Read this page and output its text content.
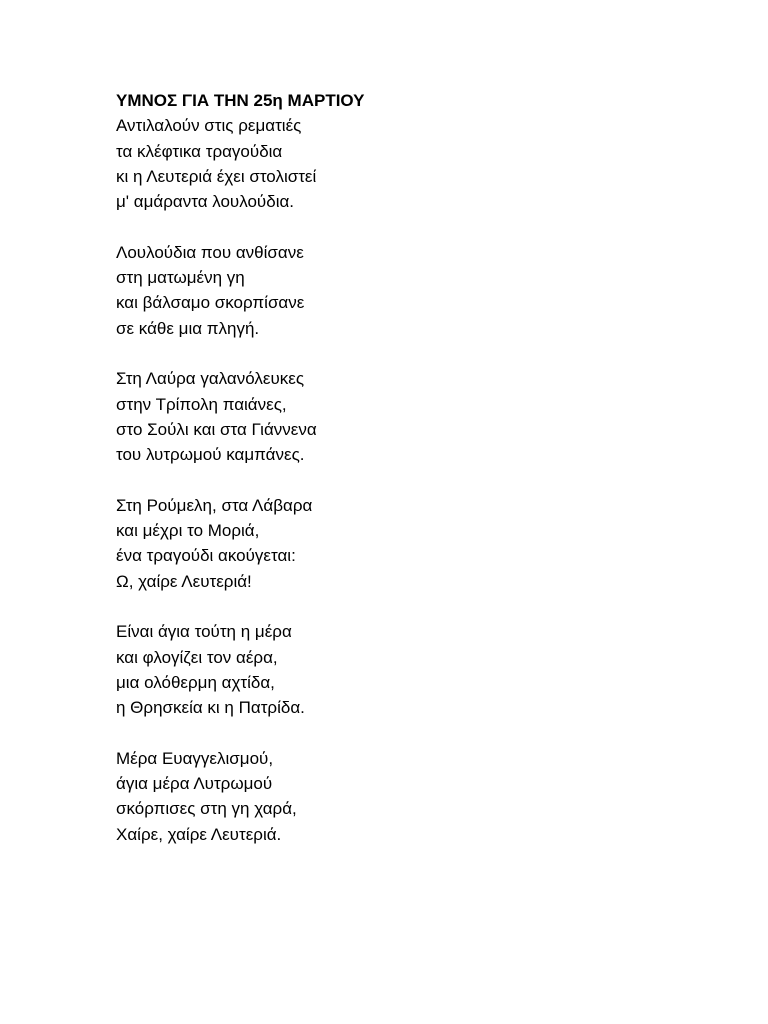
ΥΜΝΟΣ ΓΙΑ ΤΗΝ 25η ΜΑΡΤΙΟΥ
Αντιλαλούν στις ρεματιές
τα κλέφτικα τραγούδια
κι η Λευτεριά έχει στολιστεί
μ' αμάραντα λουλούδια.
Λουλούδια που ανθίσανε
στη ματωμένη γη
και βάλσαμο σκορπίσανε
σε κάθε μια πληγή.
Στη Λαύρα γαλανόλευκες
στην Τρίπολη παιάνες,
στο Σούλι και στα Γιάννενα
του λυτρωμού καμπάνες.
Στη Ρούμελη, στα Λάβαρα
και μέχρι το Μοριά,
ένα τραγούδι ακούγεται:
Ω, χαίρε Λευτεριά!
Είναι άγια τούτη η μέρα
και φλογίζει τον αέρα,
μια ολόθερμη αχτίδα,
η Θρησκεία κι η Πατρίδα.
Μέρα Ευαγγελισμού,
άγια μέρα Λυτρωμού
σκόρπισες στη γη χαρά,
Χαίρε, χαίρε Λευτεριά.
